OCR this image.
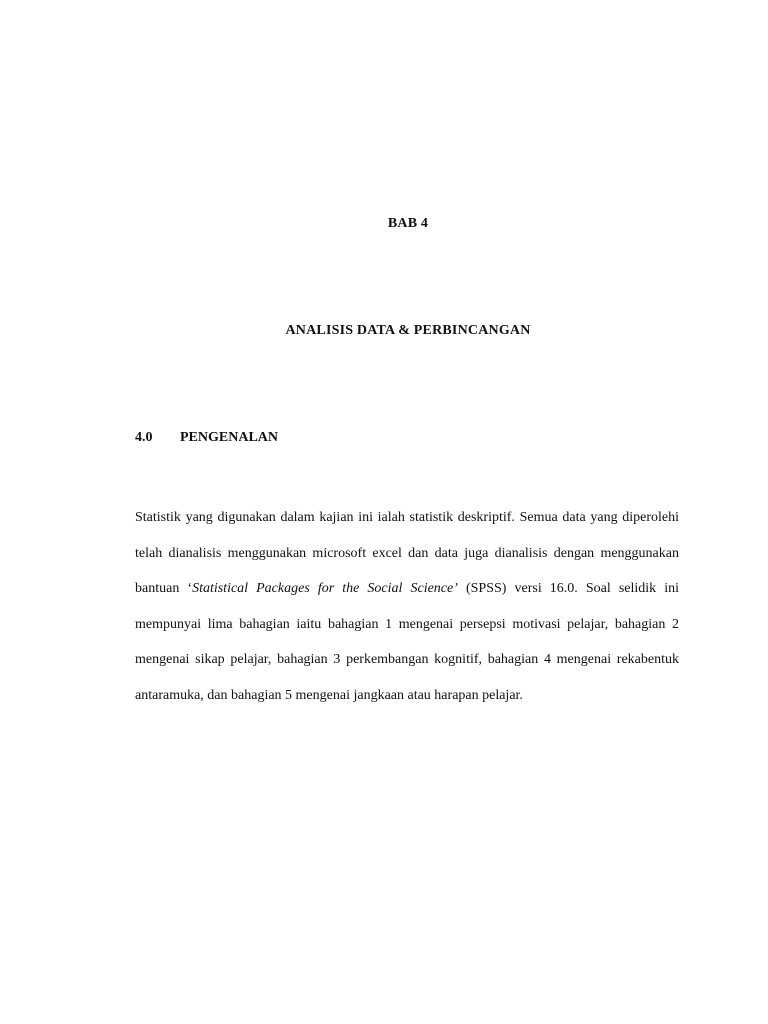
BAB 4
ANALISIS DATA & PERBINCANGAN
4.0	PENGENALAN

Statistik yang digunakan dalam kajian ini ialah statistik deskriptif. Semua data yang diperolehi telah dianalisis menggunakan microsoft excel dan data juga dianalisis dengan menggunakan bantuan ‘Statistical Packages for the Social Science’ (SPSS) versi 16.0. Soal selidik ini mempunyai lima bahagian iaitu bahagian 1 mengenai persepsi motivasi pelajar, bahagian 2 mengenai sikap pelajar, bahagian 3 perkembangan kognitif, bahagian 4 mengenai rekabentuk antaramuka, dan bahagian 5 mengenai jangkaan atau harapan pelajar.
